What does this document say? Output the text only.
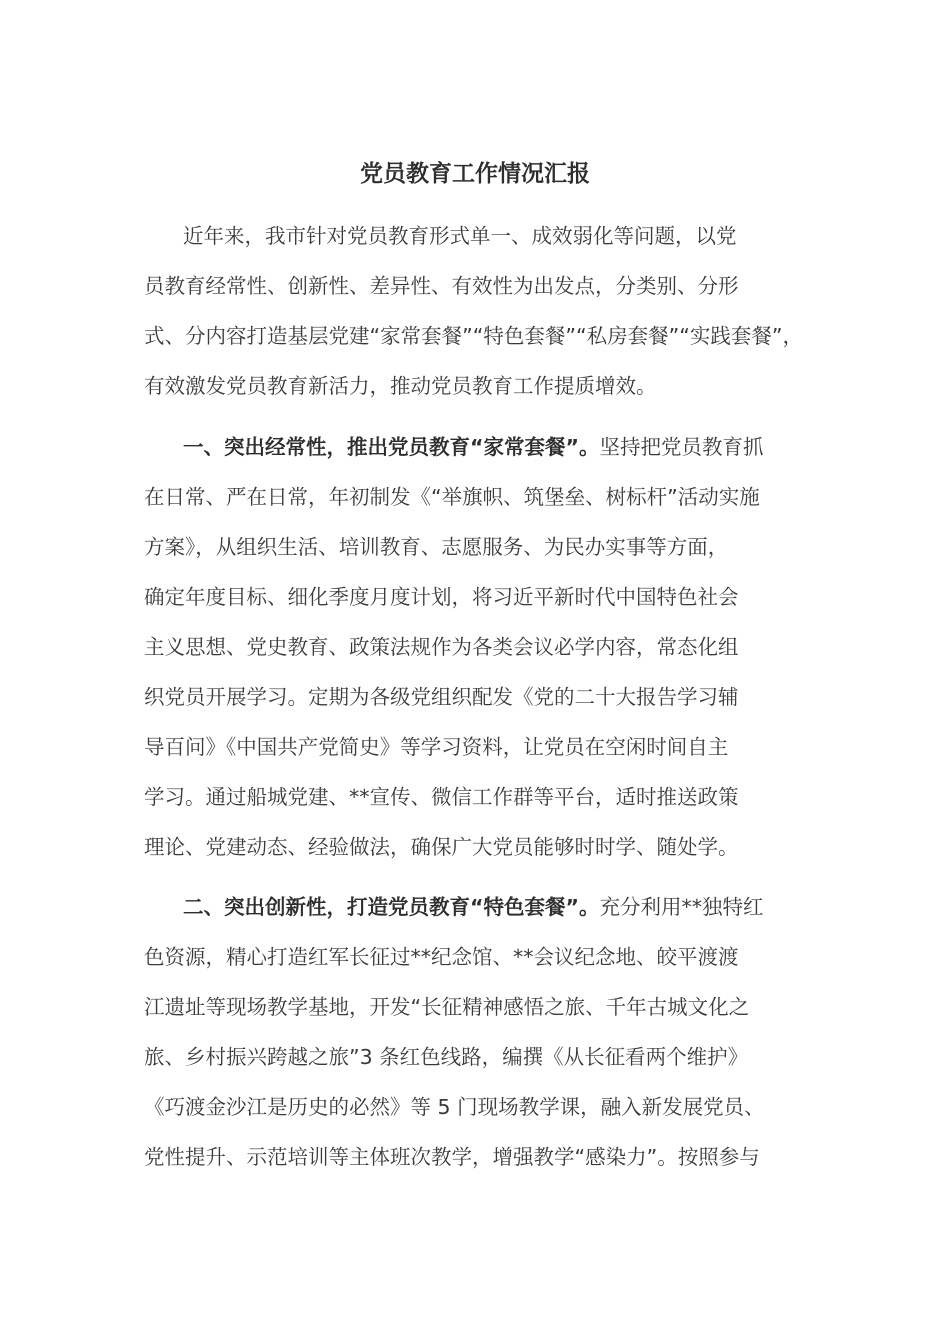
党员教育工作情况汇报

近年来，我市针对党员教育形式单一、成效弱化等问题，以党

员教育经常性、创新性、差异性、有效性为出发点，分类别、分形

式、分内容打造基层党建“家常套餐”“特色套餐”“私房套餐”“实践套餐”，

有效激发党员教育新活力，推动党员教育工作提质增效。

一、突出经常性，推出党员教育“家常套餐”。坚持把党员教育抓

在日常、严在日常，年初制发《“举旗帜、筑堡垒、树标杆”活动实施

方案》，从组织生活、培训教育、志愿服务、为民办实事等方面，

确定年度目标、细化季度月度计划，将习近平新时代中国特色社会

主义思想、党史教育、政策法规作为各类会议必学内容，常态化组

织党员开展学习。定期为各级党组织配发《党的二十大报告学习辅

导百问》《中国共产党简史》等学习资料，让党员在空闲时间自主

学习。通过船城党建、**宣传、微信工作群等平台，适时推送政策

理论、党建动态、经验做法，确保广大党员能够时时学、随处学。

二、突出创新性，打造党员教育“特色套餐”。充分利用**独特红

色资源，精心打造红军长征过**纪念馆、**会议纪念地、皎平渡渡

江遗址等现场教学基地，开发“长征精神感悟之旅、千年古城文化之

旅、乡村振兴跨越之旅”3 条红色线路，编撰《从长征看两个维护》

《巧渡金沙江是历史的必然》等 5 门现场教学课，融入新发展党员、

党性提升、示范培训等主体班次教学，增强教学“感染力”。按照参与
